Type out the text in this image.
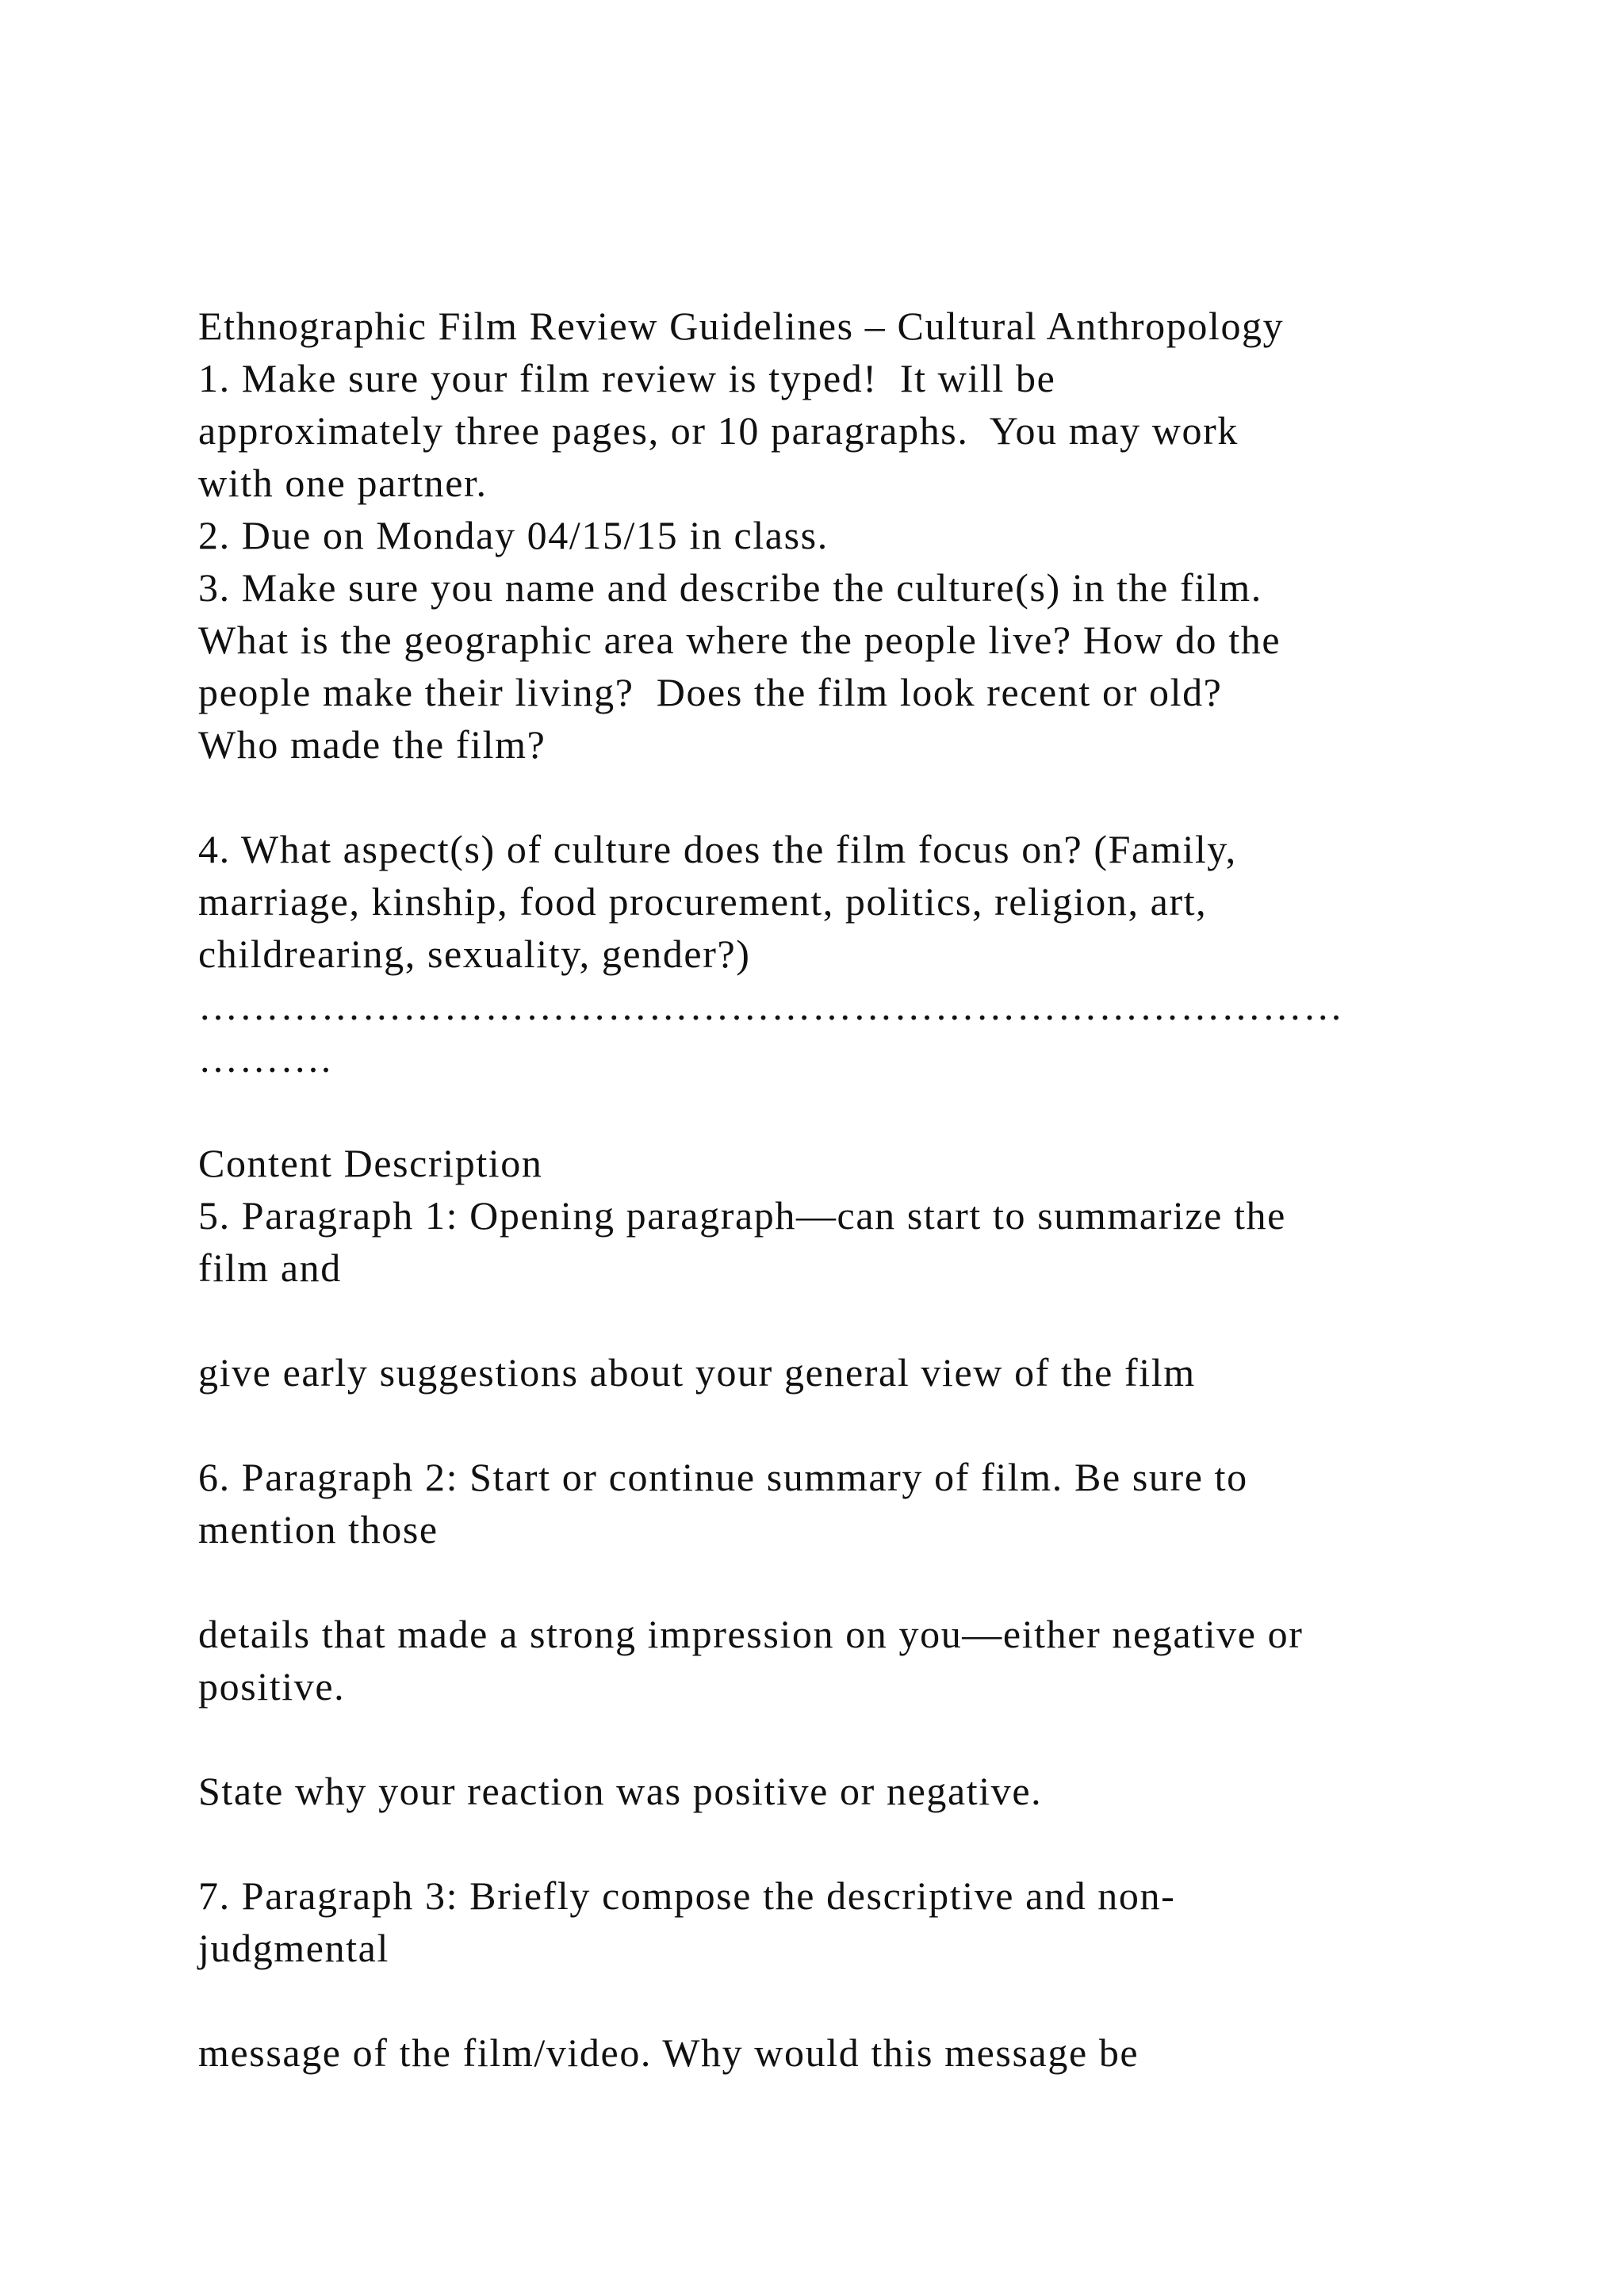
Ethnographic Film Review Guidelines – Cultural Anthropology
1. Make sure your film review is typed!  It will be
approximately three pages, or 10 paragraphs.  You may work
with one partner.
2. Due on Monday 04/15/15 in class.
3. Make sure you name and describe the culture(s) in the film.
What is the geographic area where the people live? How do the
people make their living?  Does the film look recent or old?
Who made the film?
4. What aspect(s) of culture does the film focus on? (Family,
marriage, kinship, food procurement, politics, religion, art,
childrearing, sexuality, gender?)
…………………………………………………………………………
……….
Content Description
5. Paragraph 1: Opening paragraph—can start to summarize the
film and
give early suggestions about your general view of the film
6. Paragraph 2: Start or continue summary of film. Be sure to
mention those
details that made a strong impression on you—either negative or
positive.
State why your reaction was positive or negative.
7. Paragraph 3: Briefly compose the descriptive and non-
judgmental
message of the film/video. Why would this message be
